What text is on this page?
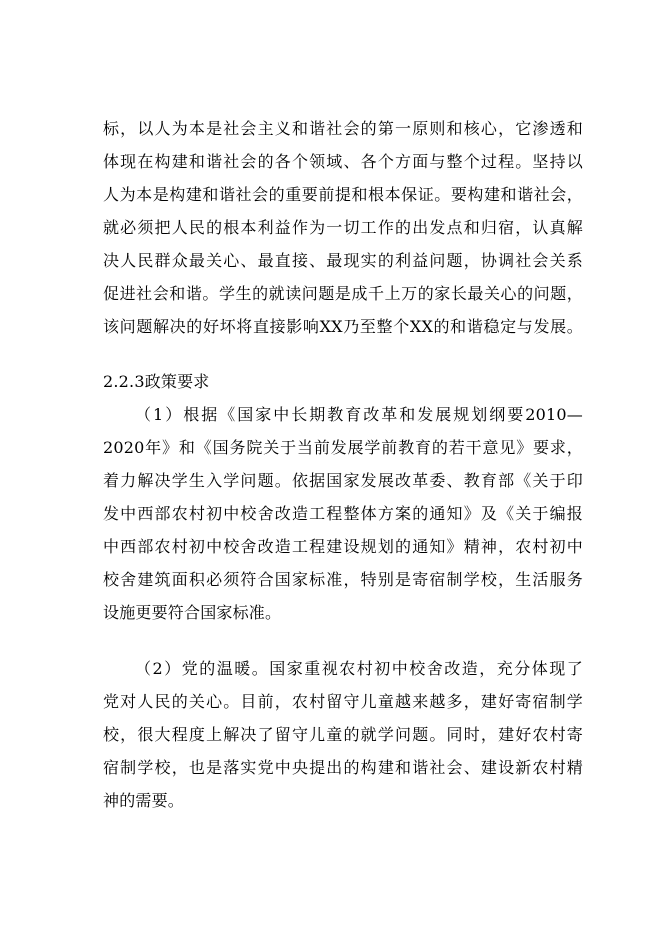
标，以人为本是社会主义和谐社会的第一原则和核心，它渗透和
体现在构建和谐社会的各个领域、各个方面与整个过程。坚持以
人为本是构建和谐社会的重要前提和根本保证。要构建和谐社会，
就必须把人民的根本利益作为一切工作的出发点和归宿，认真解
决人民群众最关心、最直接、最现实的利益问题，协调社会关系
促进社会和谐。学生的就读问题是成千上万的家长最关心的问题，
该问题解决的好坏将直接影响XX乃至整个XX的和谐稳定与发展。
2.2.3政策要求
（1）根据《国家中长期教育改革和发展规划纲要2010—
2020年》和《国务院关于当前发展学前教育的若干意见》要求，
着力解决学生入学问题。依据国家发展改革委、教育部《关于印
发中西部农村初中校舍改造工程整体方案的通知》及《关于编报
中西部农村初中校舍改造工程建设规划的通知》精神，农村初中
校舍建筑面积必须符合国家标准，特别是寄宿制学校，生活服务
设施更要符合国家标准。
（2）党的温暖。国家重视农村初中校舍改造，充分体现了
党对人民的关心。目前，农村留守儿童越来越多，建好寄宿制学
校，很大程度上解决了留守儿童的就学问题。同时，建好农村寄
宿制学校，也是落实党中央提出的构建和谐社会、建设新农村精
神的需要。
